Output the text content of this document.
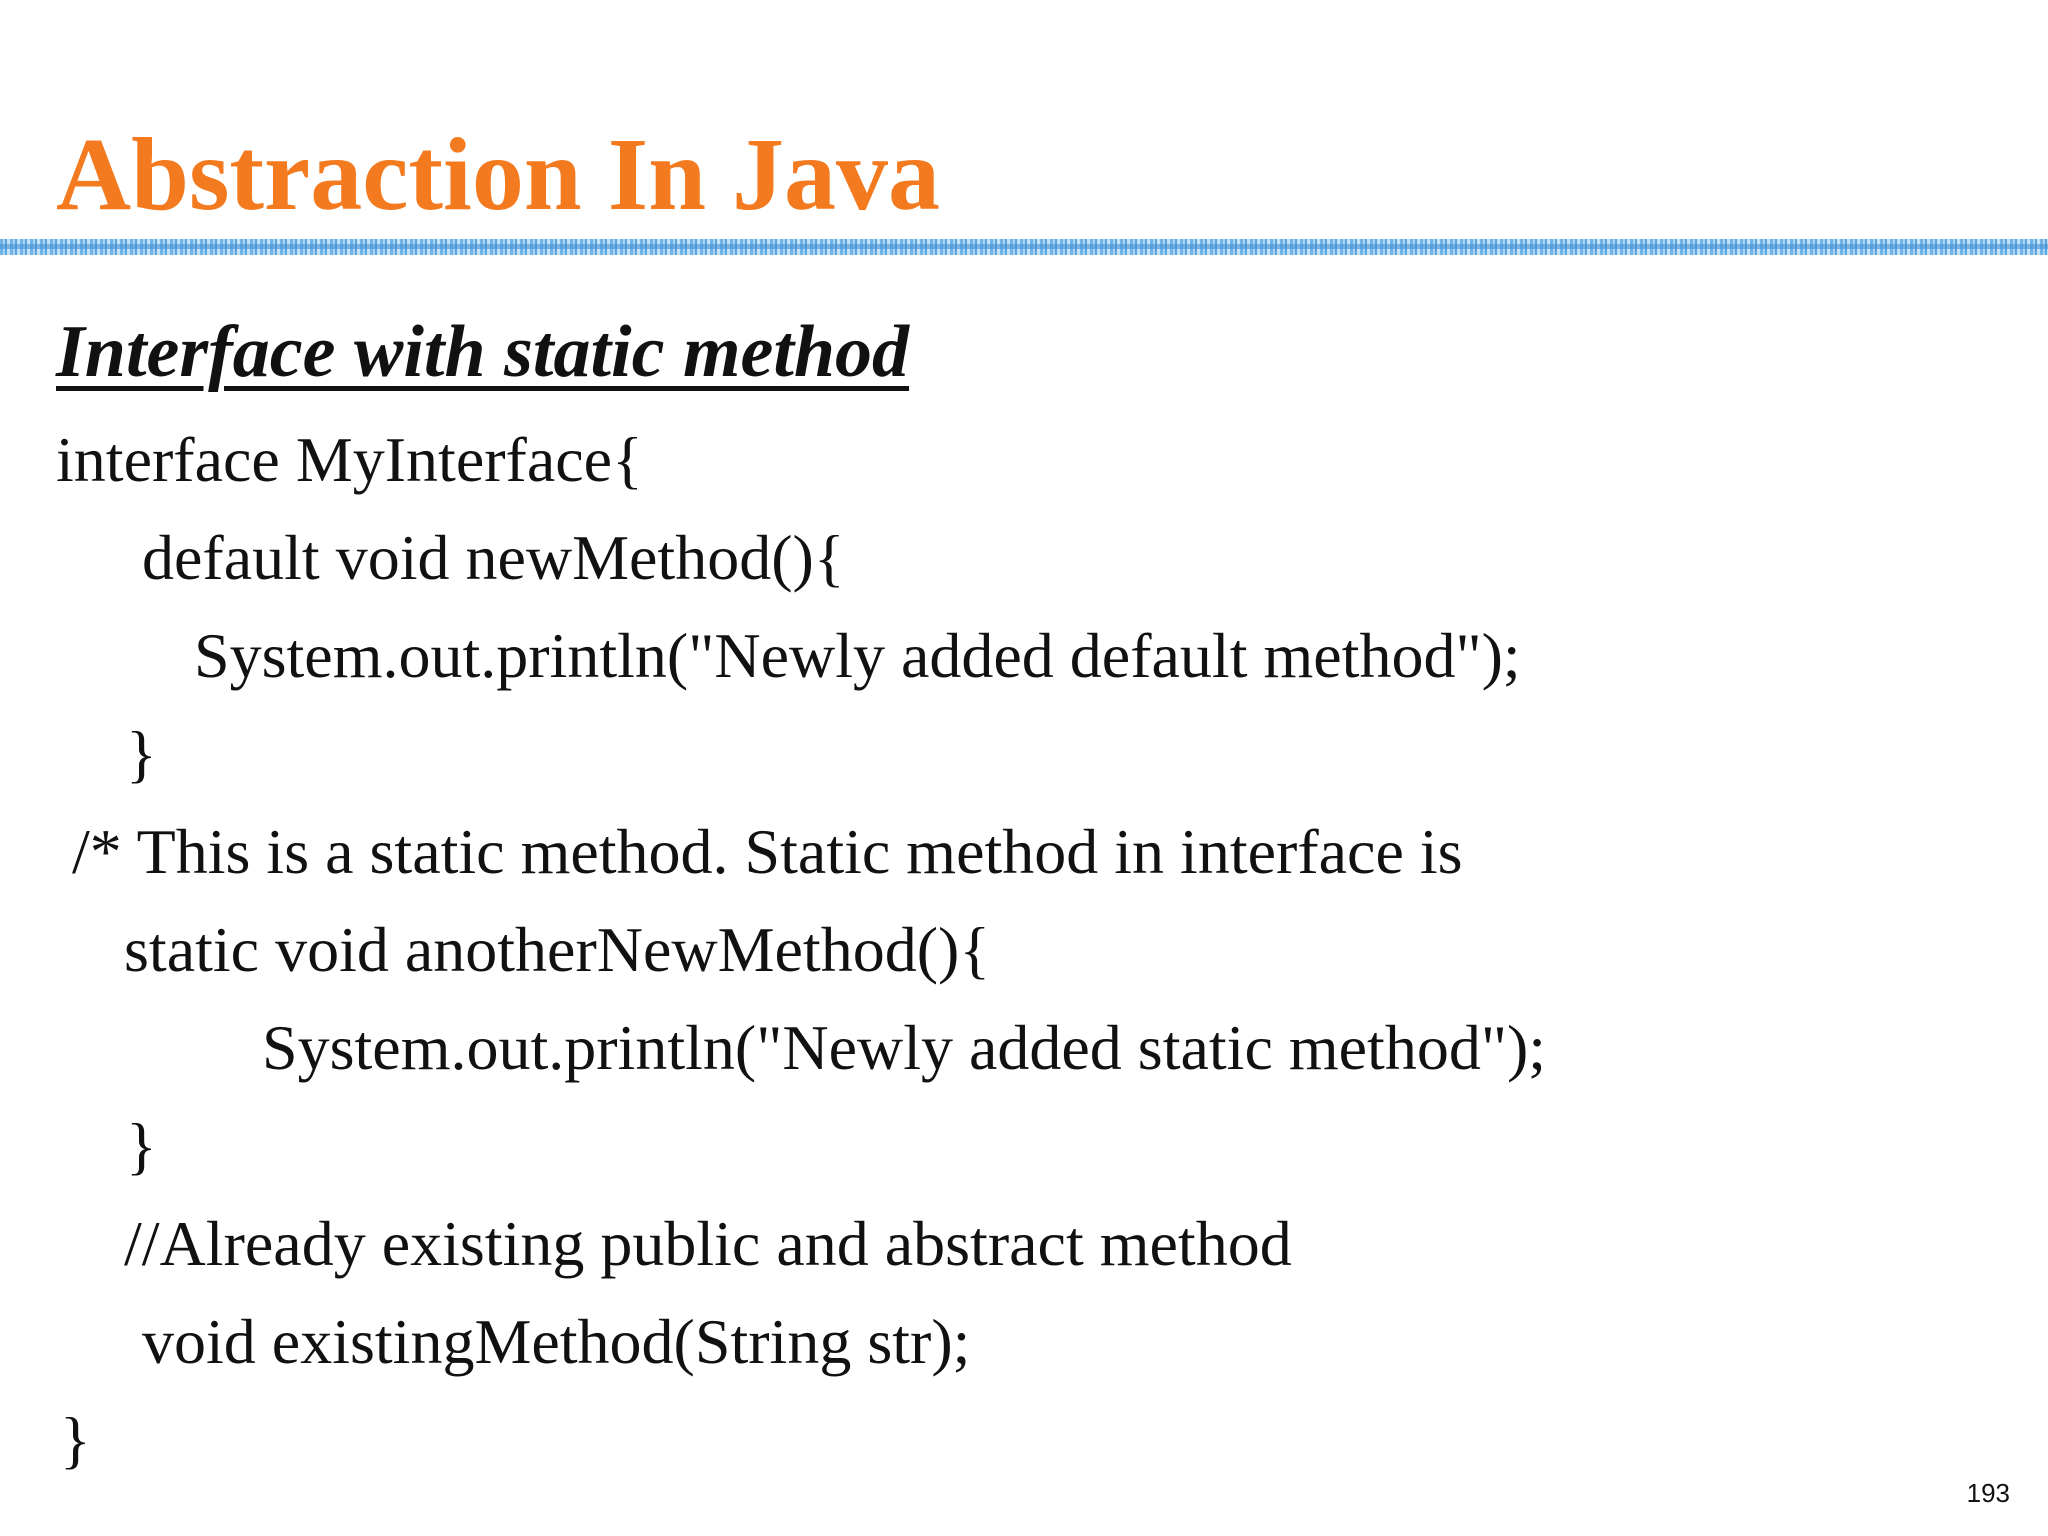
Abstraction In Java
Interface with static method

interface MyInterface{

default void newMethod(){

System.out.println("Newly added default method");

}

/* This is a static method. Static method in interface is

static void anotherNewMethod(){

System.out.println("Newly added static method");

}

//Already existing public and abstract method

void existingMethod(String str);

}

193
